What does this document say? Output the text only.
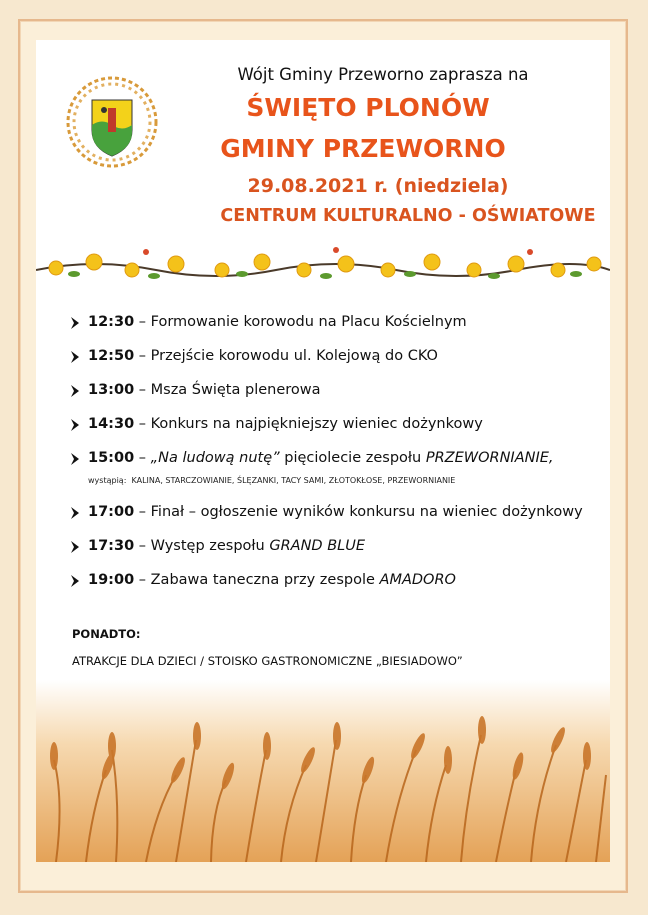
Wójt Gminy Przeworno zaprasza na
ŚWIĘTO PLONÓW
GMINY PRZEWORNO
29.08.2021 r. (niedziela)
CENTRUM KULTURALNO - OŚWIATOWE
12:30 – Formowanie korowodu na Placu Kościelnym
12:50 – Przejście korowodu ul. Kolejową do CKO
13:00 – Msza Święta plenerowa
14:30 – Konkurs na najpiękniejszy wieniec dożynkowy
15:00 – „Na ludową nutę” pięciolecie zespołu PRZEWORNIANIE,
wystąpią: KALINA, STARCZOWIANIE, ŚLĘZANKI, TACY SAMI, ZŁOTOKŁOSE, PRZEWORNIANIE
17:00 – Finał – ogłoszenie wyników konkursu na wieniec dożynkowy
17:30 – Występ zespołu GRAND BLUE
19:00 – Zabawa taneczna przy zespole AMADORO
PONADTO:
ATRAKCJE DLA DZIECI / STOISKO GASTRONOMICZNE „BIESIADOWO”
